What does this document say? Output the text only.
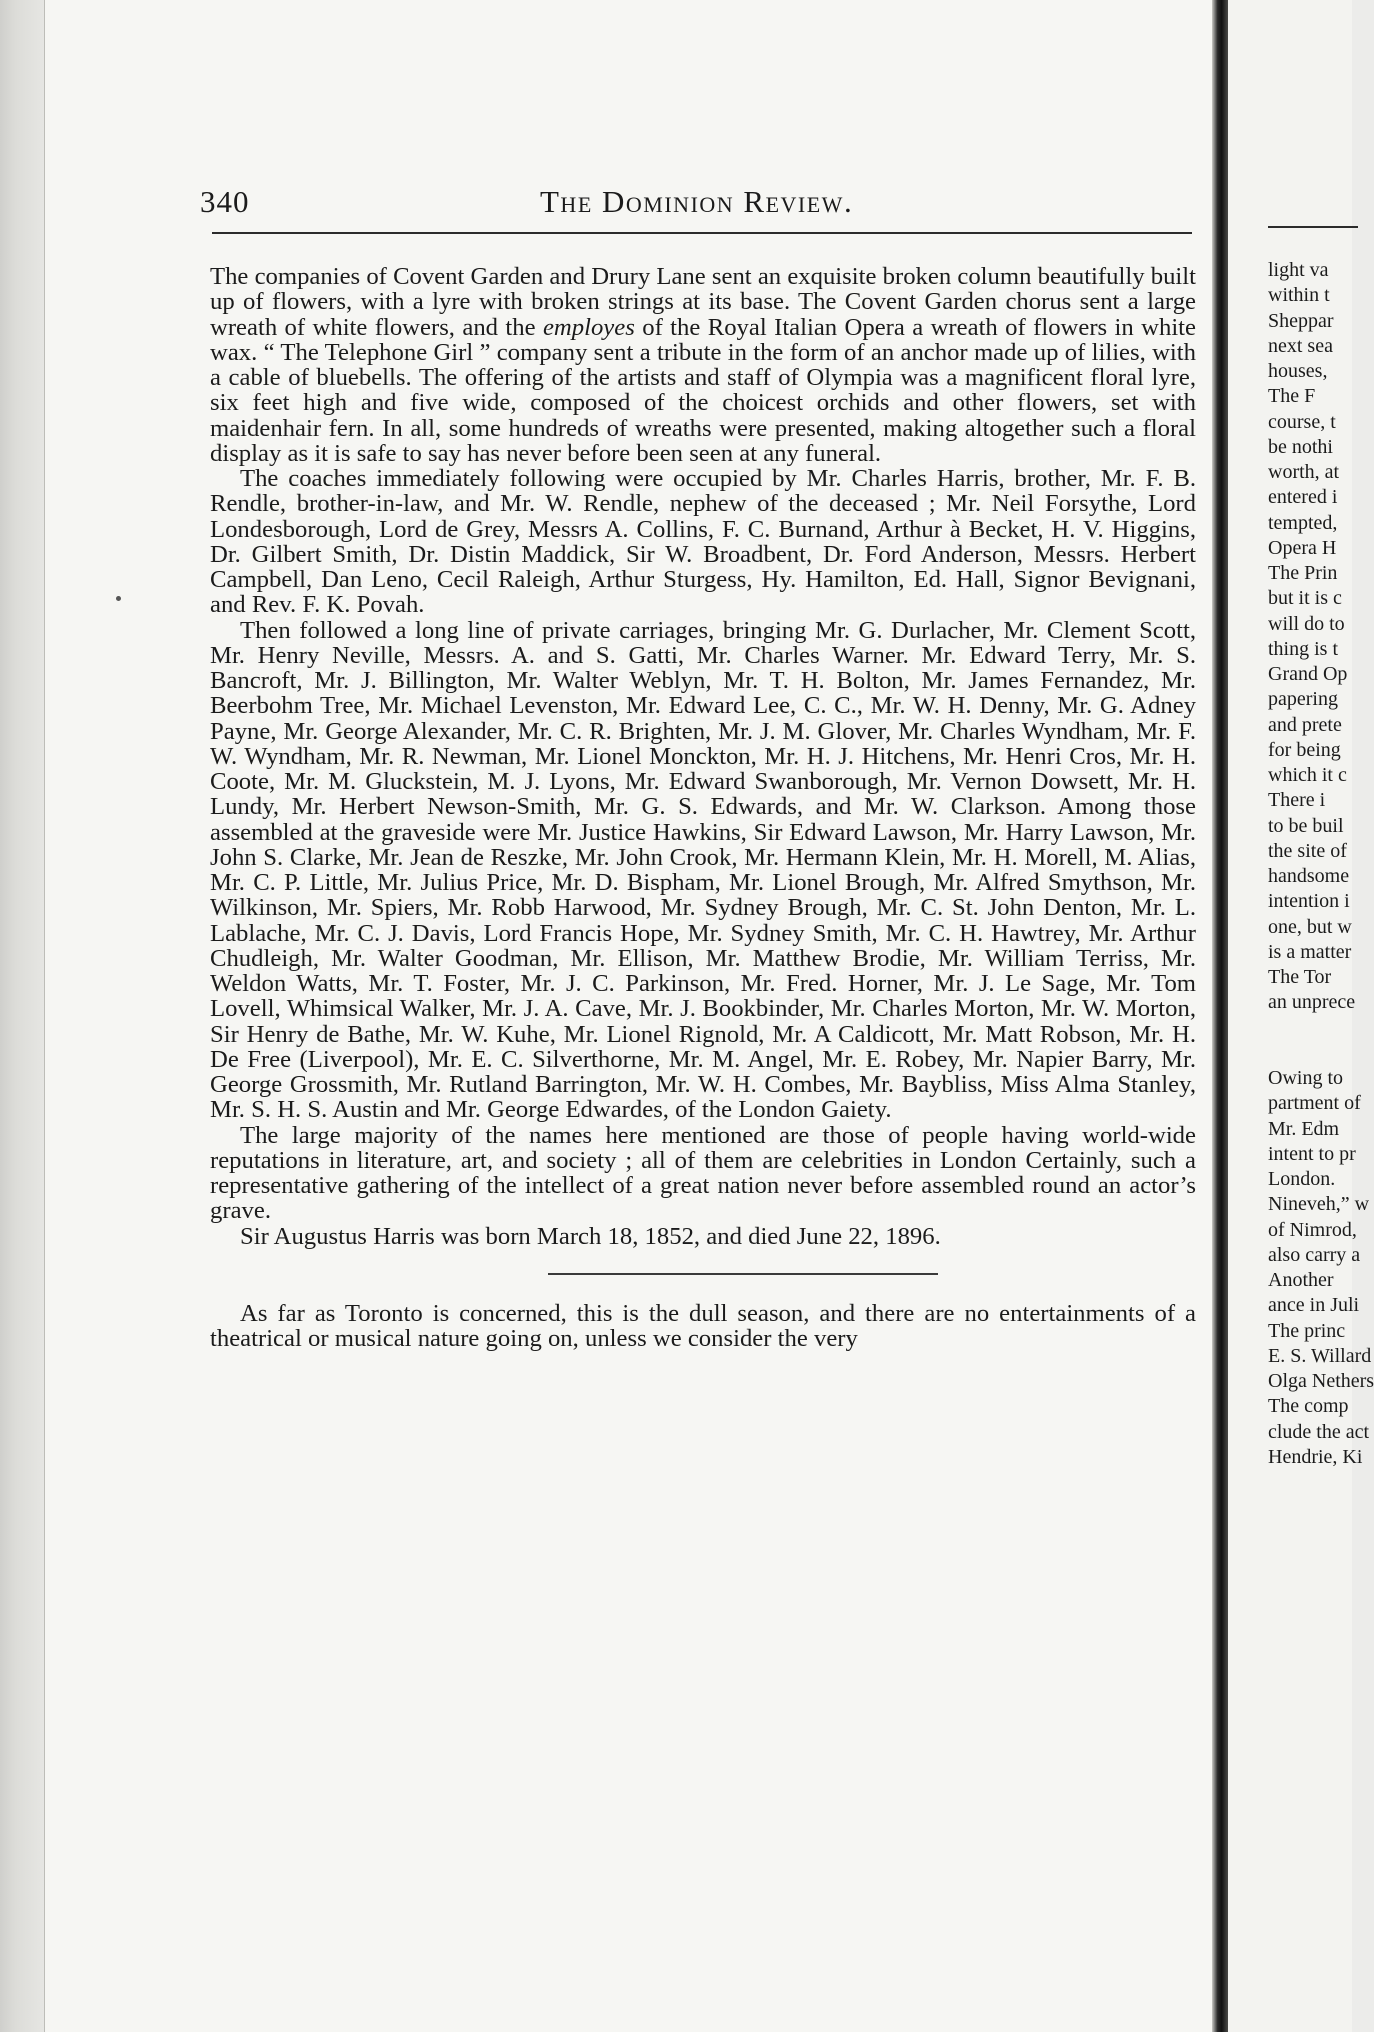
340	The Dominion Review.

The companies of Covent Garden and Drury Lane sent an exquisite broken column beautifully built up of flowers, with a lyre with broken strings at its base. The Covent Garden chorus sent a large wreath of white flowers, and the employes of the Royal Italian Opera a wreath of flowers in white wax. “ The Telephone Girl ” company sent a tribute in the form of an anchor made up of lilies, with a cable of bluebells. The offering of the artists and staff of Olympia was a magnificent floral lyre, six feet high and five wide, composed of the choicest orchids and other flowers, set with maidenhair fern. In all, some hundreds of wreaths were presented, making altogether such a floral display as it is safe to say has never before been seen at any funeral.

The coaches immediately following were occupied by Mr. Charles Harris, brother, Mr. F. B. Rendle, brother-in-law, and Mr. W. Rendle, nephew of the deceased ; Mr. Neil Forsythe, Lord Londesborough, Lord de Grey, Messrs A. Collins, F. C. Burnand, Arthur à Becket, H. V. Higgins, Dr. Gilbert Smith, Dr. Distin Maddick, Sir W. Broadbent, Dr. Ford Anderson, Messrs. Herbert Campbell, Dan Leno, Cecil Raleigh, Arthur Sturgess, Hy. Hamilton, Ed. Hall, Signor Bevignani, and Rev. F. K. Povah.

Then followed a long line of private carriages, bringing Mr. G. Durlacher, Mr. Clement Scott, Mr. Henry Neville, Messrs. A. and S. Gatti, Mr. Charles Warner. Mr. Edward Terry, Mr. S. Bancroft, Mr. J. Billington, Mr. Walter Weblyn, Mr. T. H. Bolton, Mr. James Fernandez, Mr. Beerbohm Tree, Mr. Michael Levenston, Mr. Edward Lee, C. C., Mr. W. H. Denny, Mr. G. Adney Payne, Mr. George Alexander, Mr. C. R. Brighten, Mr. J. M. Glover, Mr. Charles Wyndham, Mr. F. W. Wyndham, Mr. R. Newman, Mr. Lionel Monckton, Mr. H. J. Hitchens, Mr. Henri Cros, Mr. H. Coote, Mr. M. Gluckstein, M. J. Lyons, Mr. Edward Swanborough, Mr. Vernon Dowsett, Mr. H. Lundy, Mr. Herbert Newson-Smith, Mr. G. S. Edwards, and Mr. W. Clarkson. Among those assembled at the graveside were Mr. Justice Hawkins, Sir Edward Lawson, Mr. Harry Lawson, Mr. John S. Clarke, Mr. Jean de Reszke, Mr. John Crook, Mr. Hermann Klein, Mr. H. Morell, M. Alias, Mr. C. P. Little, Mr. Julius Price, Mr. D. Bispham, Mr. Lionel Brough, Mr. Alfred Smythson, Mr. Wilkinson, Mr. Spiers, Mr. Robb Harwood, Mr. Sydney Brough, Mr. C. St. John Denton, Mr. L. Lablache, Mr. C. J. Davis, Lord Francis Hope, Mr. Sydney Smith, Mr. C. H. Hawtrey, Mr. Arthur Chudleigh, Mr. Walter Goodman, Mr. Ellison, Mr. Matthew Brodie, Mr. William Terriss, Mr. Weldon Watts, Mr. T. Foster, Mr. J. C. Parkinson, Mr. Fred. Horner, Mr. J. Le Sage, Mr. Tom Lovell, Whimsical Walker, Mr. J. A. Cave, Mr. J. Bookbinder, Mr. Charles Morton, Mr. W. Morton, Sir Henry de Bathe, Mr. W. Kuhe, Mr. Lionel Rignold, Mr. A Caldicott, Mr. Matt Robson, Mr. H. De Free (Liverpool), Mr. E. C. Silverthorne, Mr. M. Angel, Mr. E. Robey, Mr. Napier Barry, Mr. George Grossmith, Mr. Rutland Barrington, Mr. W. H. Combes, Mr. Baybliss, Miss Alma Stanley, Mr. S. H. S. Austin and Mr. George Edwardes, of the London Gaiety.

The large majority of the names here mentioned are those of people having world-wide reputations in literature, art, and society ; all of them are celebrities in London Certainly, such a representative gathering of the intellect of a great nation never before assembled round an actor’s grave.

Sir Augustus Harris was born March 18, 1852, and died June 22, 1896.

As far as Toronto is concerned, this is the dull season, and there are no entertainments of a theatrical or musical nature going on, unless we consider the very

light va
within t
Sheppar
next sea
houses,
The F
course, t
be nothi
worth, at
entered i
tempted,
Opera H
The Prin
but it is c
will do to
thing is t
Grand Op
papering
and prete
for being
which it c
There i
to be buil
the site of
handsome
intention i
one, but w
is a matter
The Tor
an unprece
Owing to
partment of
Mr. Edm
intent to pr
London.
Nineveh,” w
of Nimrod,
also carry a
Another
ance in Juli
The princ
E. S. Willard
Olga Nethers
The comp
clude the act
Hendrie, Ki
